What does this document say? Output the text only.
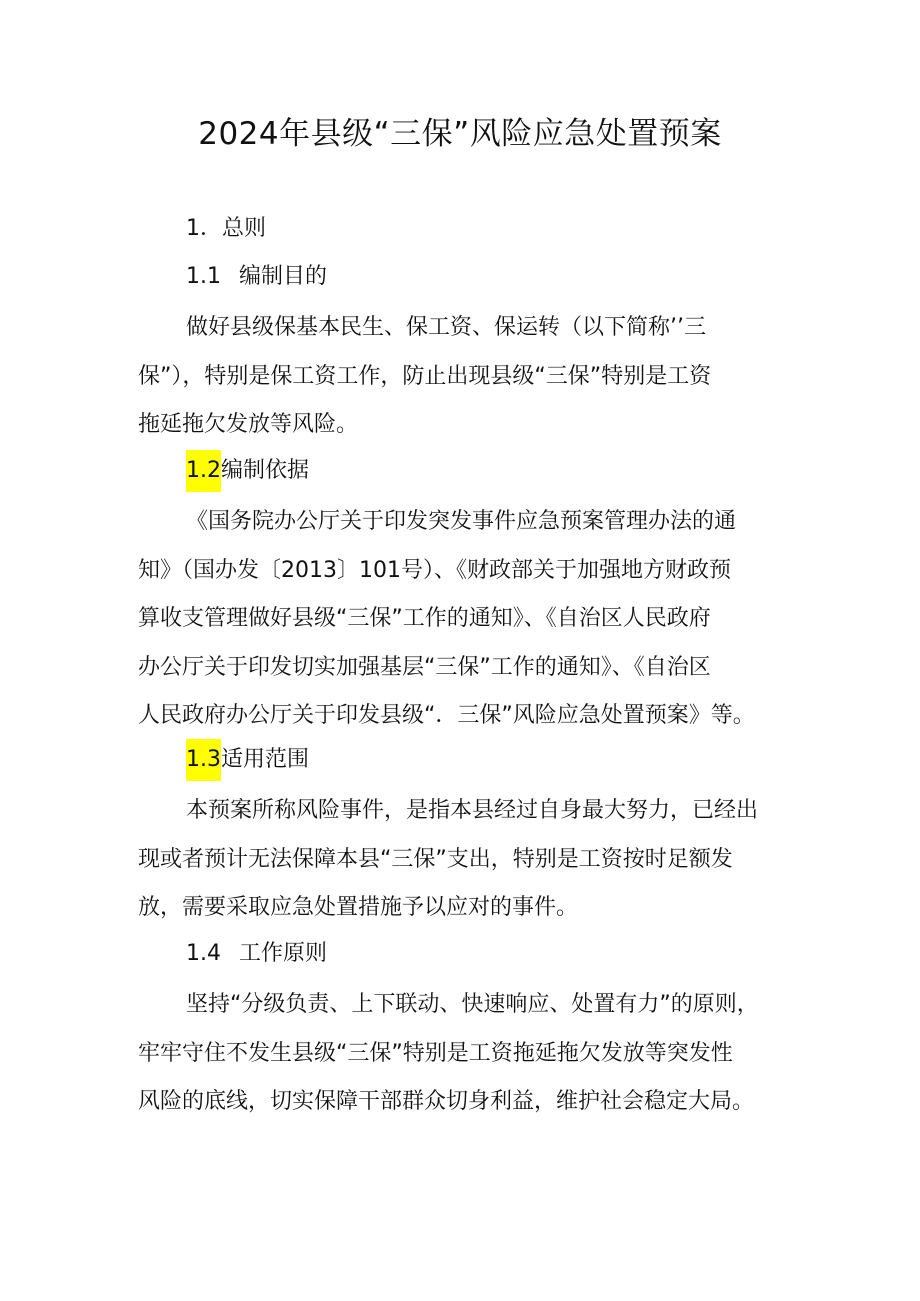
2024年县级“三保”风险应急处置预案
1．总则
1.1 编制目的
做好县级保基本民生、保工资、保运转（以下简称’’三
保”），特别是保工资工作，防止出现县级“三保”特别是工资
拖延拖欠发放等风险。
1.2编制依据
《国务院办公厅关于印发突发事件应急预案管理办法的通
知》（国办发〔2013〕101号）、《财政部关于加强地方财政预
算收支管理做好县级“三保”工作的通知》、《自治区人民政府
办公厅关于印发切实加强基层“三保”工作的通知》、《自治区
人民政府办公厅关于印发县级“．三保”风险应急处置预案》等。
1.3适用范围
本预案所称风险事件，是指本县经过自身最大努力，已经出
现或者预计无法保障本县“三保”支出，特别是工资按时足额发
放，需要采取应急处置措施予以应对的事件。
1.4 工作原则
坚持“分级负责、上下联动、快速响应、处置有力”的原则，
牢牢守住不发生县级“三保”特别是工资拖延拖欠发放等突发性
风险的底线，切实保障干部群众切身利益，维护社会稳定大局。
